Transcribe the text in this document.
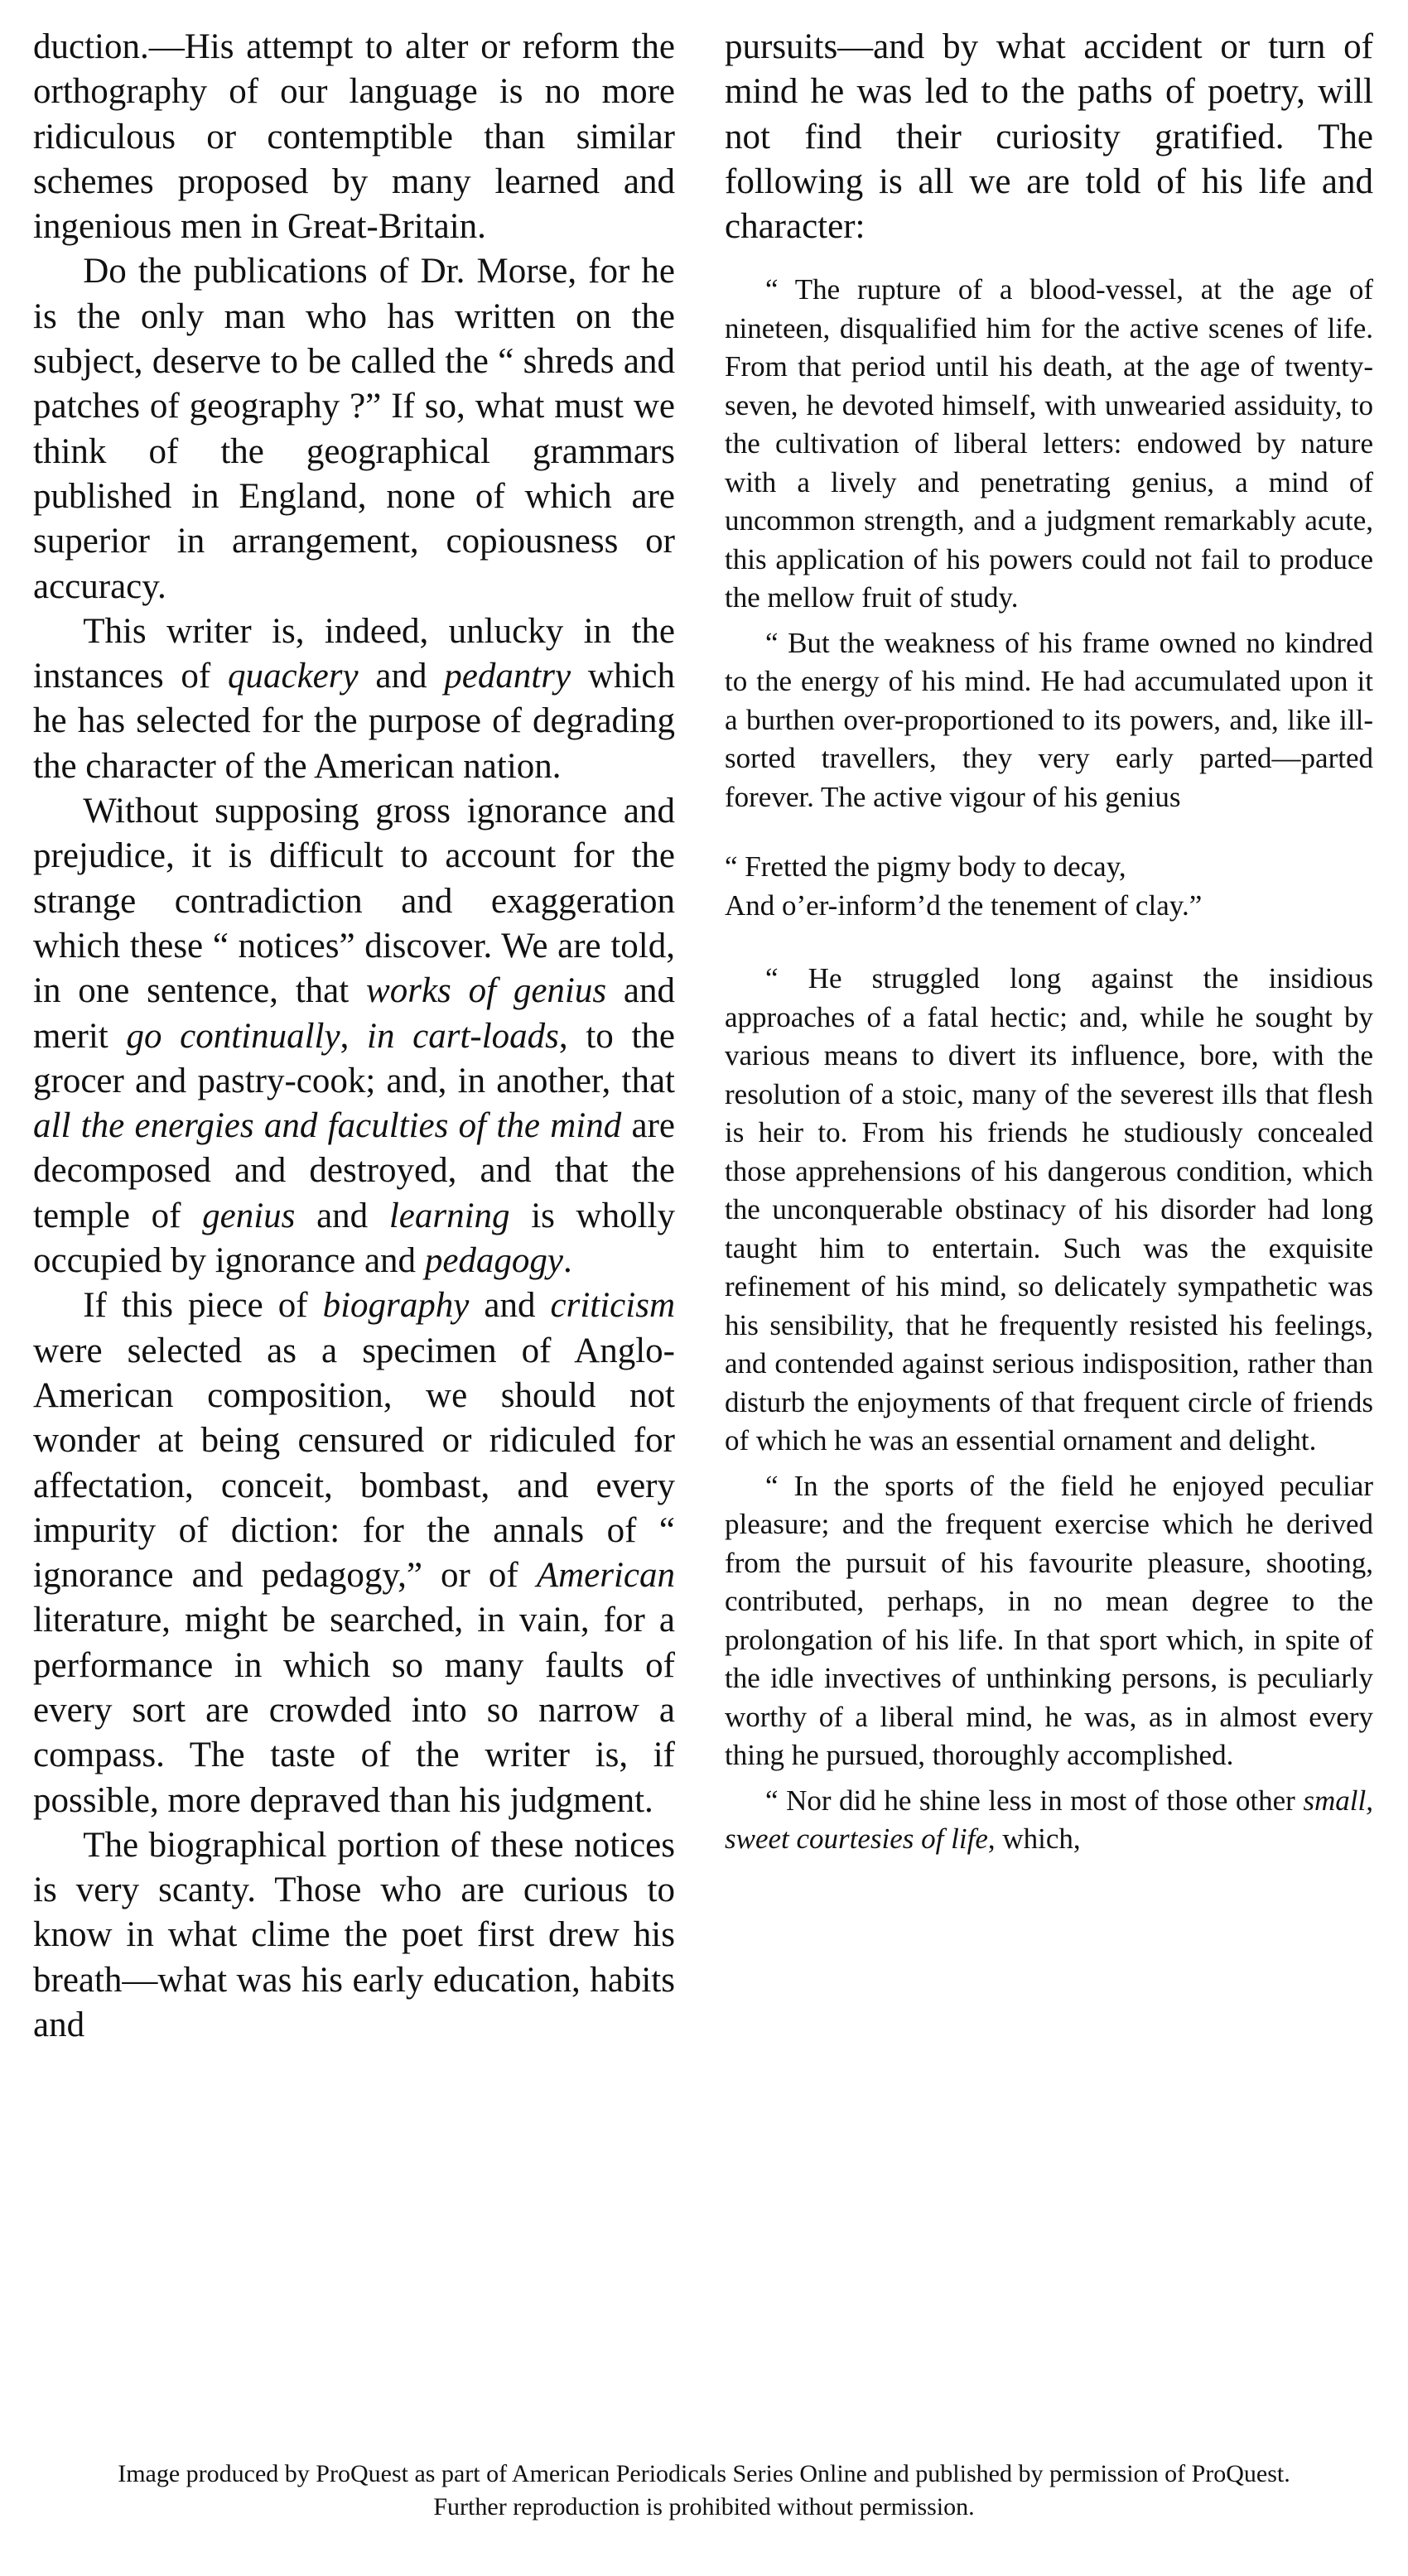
duction.—His attempt to alter or reform the orthography of our language is no more ridiculous or contemptible than similar schemes proposed by many learned and ingenious men in Great-Britain.

Do the publications of Dr. Morse, for he is the only man who has written on the subject, deserve to be called the “ shreds and patches of geography ?” If so, what must we think of the geographical grammars published in England, none of which are superior in arrangement, copiousness or accuracy.

This writer is, indeed, unlucky in the instances of quackery and pedantry which he has selected for the purpose of degrading the character of the American nation.

Without supposing gross ignorance and prejudice, it is difficult to account for the strange contradiction and exaggeration which these “ notices” discover. We are told, in one sentence, that works of genius and merit go continually, in cart-loads, to the grocer and pastry-cook; and, in another, that all the energies and faculties of the mind are decomposed and destroyed, and that the temple of genius and learning is wholly occupied by ignorance and pedagogy.

If this piece of biography and criticism were selected as a specimen of Anglo-American composition, we should not wonder at being censured or ridiculed for affectation, conceit, bombast, and every impurity of diction: for the annals of “ ignorance and pedagogy,” or of American literature, might be searched, in vain, for a performance in which so many faults of every sort are crowded into so narrow a compass. The taste of the writer is, if possible, more depraved than his judgment.

The biographical portion of these notices is very scanty. Those who are curious to know in what clime the poet first drew his breath—what was his early education, habits and

pursuits—and by what accident or turn of mind he was led to the paths of poetry, will not find their curiosity gratified. The following is all we are told of his life and character:

“ The rupture of a blood-vessel, at the age of nineteen, disqualified him for the active scenes of life. From that period until his death, at the age of twenty-seven, he devoted himself, with unwearied assiduity, to the cultivation of liberal letters: endowed by nature with a lively and penetrating genius, a mind of uncommon strength, and a judgment remarkably acute, this application of his powers could not fail to produce the mellow fruit of study.

“ But the weakness of his frame owned no kindred to the energy of his mind. He had accumulated upon it a burthen over-proportioned to its powers, and, like ill-sorted travellers, they very early parted—parted forever. The active vigour of his genius

“ Fretted the pigmy body to decay,

And o’er-inform’d the tenement of clay.”

“ He struggled long against the insidious approaches of a fatal hectic; and, while he sought by various means to divert its influence, bore, with the resolution of a stoic, many of the severest ills that flesh is heir to. From his friends he studiously concealed those apprehensions of his dangerous condition, which the unconquerable obstinacy of his disorder had long taught him to entertain. Such was the exquisite refinement of his mind, so delicately sympathetic was his sensibility, that he frequently resisted his feelings, and contended against serious indisposition, rather than disturb the enjoyments of that frequent circle of friends of which he was an essential ornament and delight.

“ In the sports of the field he enjoyed peculiar pleasure; and the frequent exercise which he derived from the pursuit of his favourite pleasure, shooting, contributed, perhaps, in no mean degree to the prolongation of his life. In that sport which, in spite of the idle invectives of unthinking persons, is peculiarly worthy of a liberal mind, he was, as in almost every thing he pursued, thoroughly accomplished.

“ Nor did he shine less in most of those other small, sweet courtesies of life, which,

Image produced by ProQuest as part of American Periodicals Series Online and published by permission of ProQuest.

Further reproduction is prohibited without permission.
